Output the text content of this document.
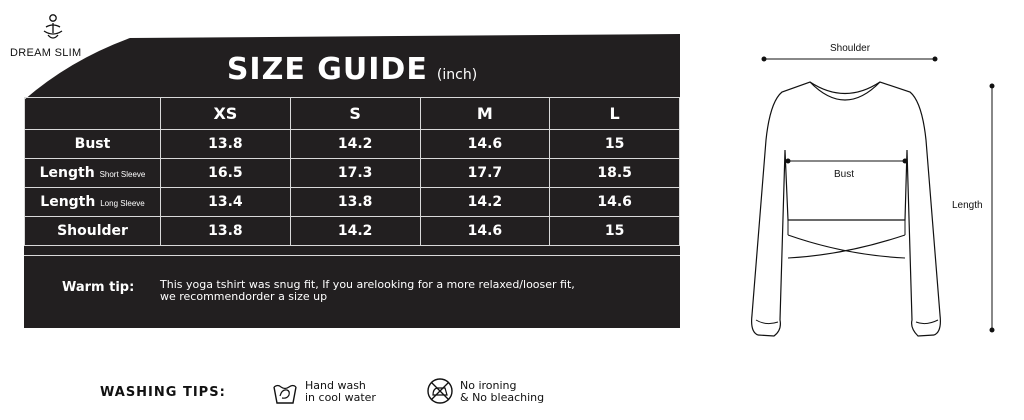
DREAM SLIM	SIZE GUIDE (inch)
	XS	S	M	L
Bust	13.8	14.2	14.6	15
Length Short Sleeve	16.5	17.3	17.7	18.5
Length Long Sleeve	13.4	13.8	14.2	14.6
Shoulder	13.8	14.2	14.6	15
Warm tip: This yoga tshirt was snug fit, If you arelooking for a more relaxed/looser fit,
we recommendorder a size up
Shoulder
Bust
Length
WASHING TIPS:	Hand wash
in cool water
No ironing
& No bleaching
